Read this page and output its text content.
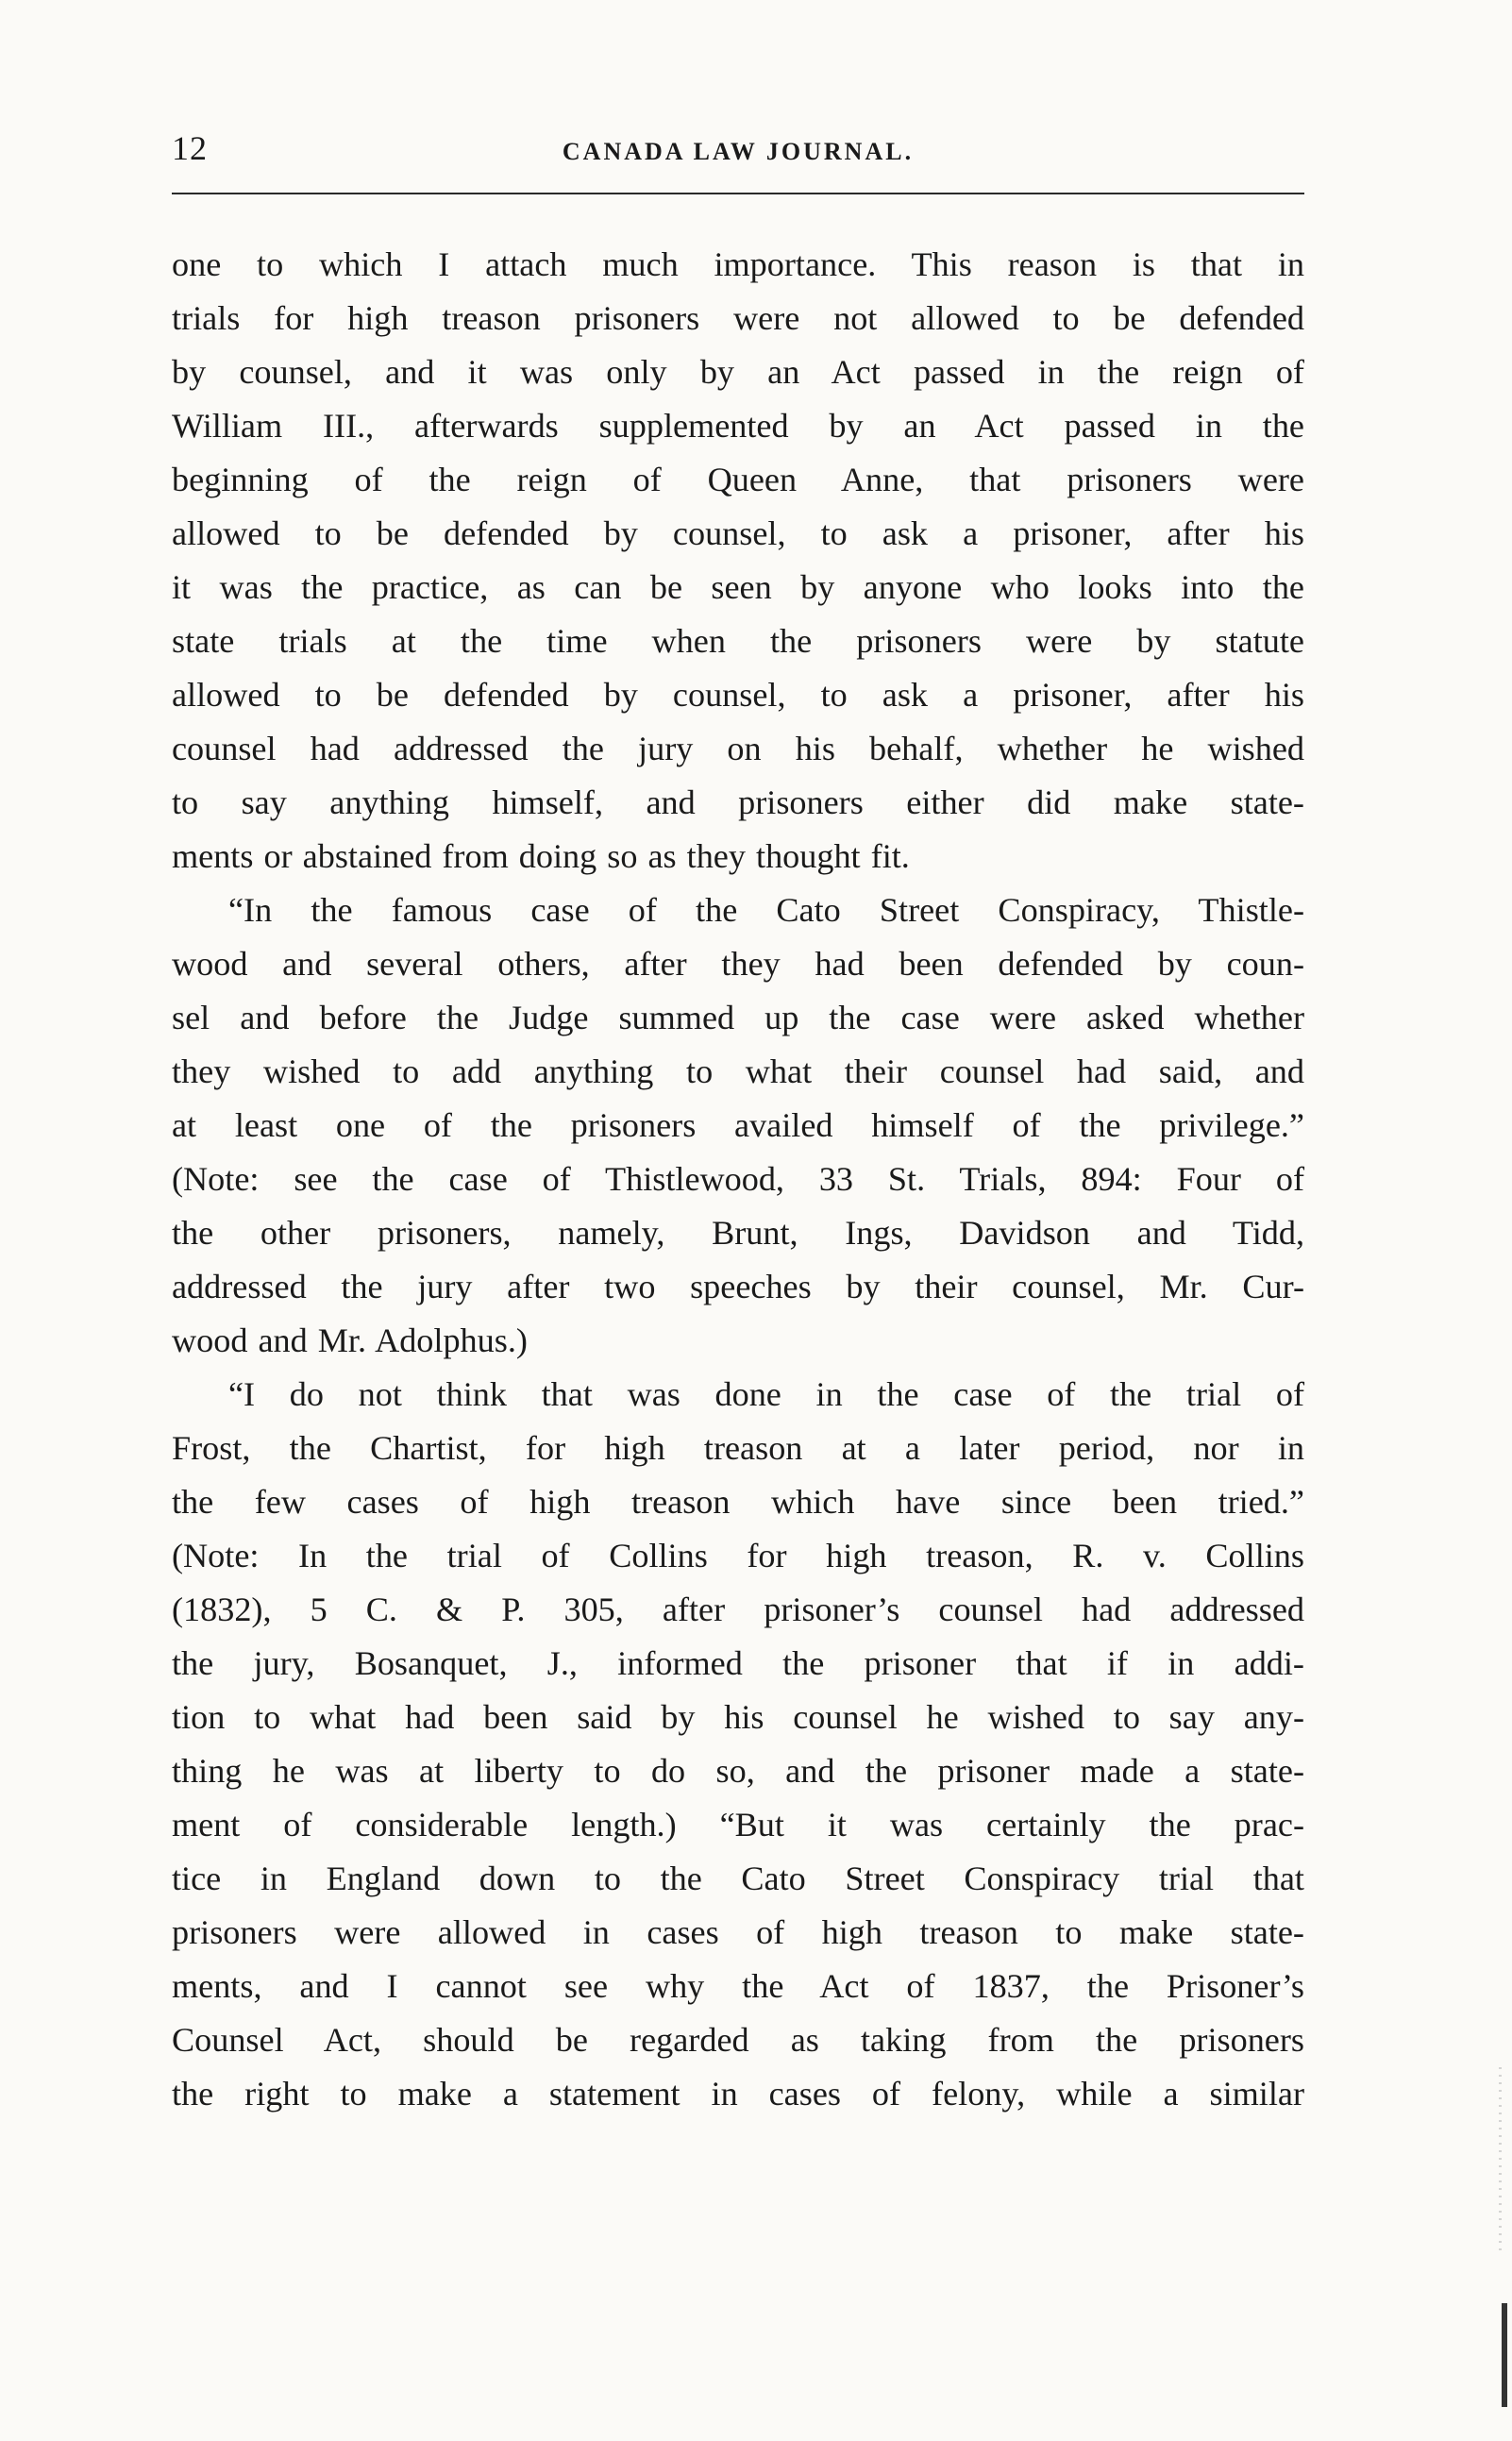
12	CANADA LAW JOURNAL.
one to which I attach much importance. This reason is that in
trials for high treason prisoners were not allowed to be defended
by counsel, and it was only by an Act passed in the reign of
William III., afterwards supplemented by an Act passed in the
beginning of the reign of Queen Anne, that prisoners were
allowed to be defended by counsel, to ask a prisoner, after his
it was the practice, as can be seen by anyone who looks into the
state trials at the time when the prisoners were by statute
allowed to be defended by counsel, to ask a prisoner, after his
counsel had addressed the jury on his behalf, whether he wished
to say anything himself, and prisoners either did make state-
ments or abstained from doing so as they thought fit.
“In the famous case of the Cato Street Conspiracy, Thistle-
wood and several others, after they had been defended by coun-
sel and before the Judge summed up the case were asked whether
they wished to add anything to what their counsel had said, and
at least one of the prisoners availed himself of the privilege.”
(Note: see the case of Thistlewood, 33 St. Trials, 894: Four of
the other prisoners, namely, Brunt, Ings, Davidson and Tidd,
addressed the jury after two speeches by their counsel, Mr. Cur-
wood and Mr. Adolphus.)
“I do not think that was done in the case of the trial of
Frost, the Chartist, for high treason at a later period, nor in
the few cases of high treason which have since been tried.”
(Note: In the trial of Collins for high treason, R. v. Collins
(1832), 5 C. & P. 305, after prisoner’s counsel had addressed
the jury, Bosanquet, J., informed the prisoner that if in addi-
tion to what had been said by his counsel he wished to say any-
thing he was at liberty to do so, and the prisoner made a state-
ment of considerable length.) “But it was certainly the prac-
tice in England down to the Cato Street Conspiracy trial that
prisoners were allowed in cases of high treason to make state-
ments, and I cannot see why the Act of 1837, the Prisoner’s
Counsel Act, should be regarded as taking from the prisoners
the right to make a statement in cases of felony, while a similar
